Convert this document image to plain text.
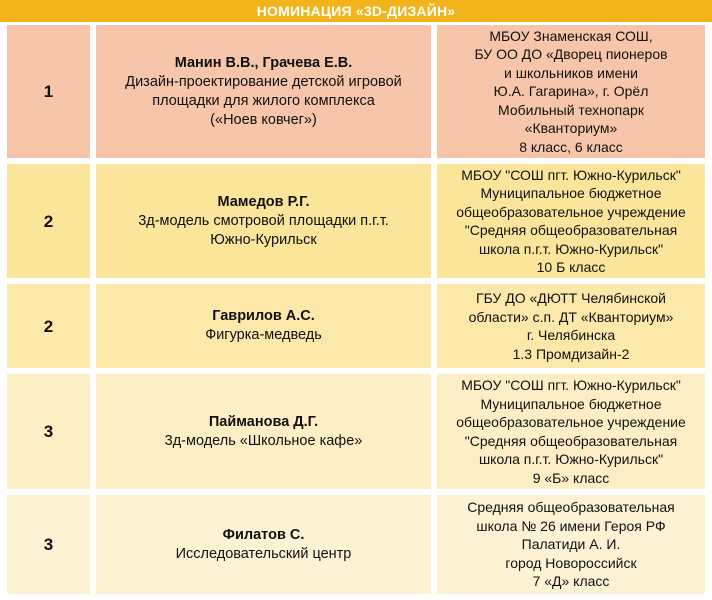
НОМИНАЦИЯ «3D-ДИЗАЙН»
1
Манин В.В., Грачева Е.В.
Дизайн-проектирование детской игровой
площадки для жилого комплекса
(«Ноев ковчег»)
МБОУ Знаменская СОШ,
БУ ОО ДО «Дворец пионеров
и школьников имени
Ю.А. Гагарина», г. Орёл
Мобильный технопарк
«Кванториум»
8 класс, 6 класс
2
Мамедов Р.Г.
3д-модель смотровой площадки п.г.т.
Южно-Курильск
МБОУ "СОШ пгт. Южно-Курильск"
Муниципальное бюджетное
общеобразовательное учреждение
"Средняя общеобразовательная
школа п.г.т. Южно-Курильск"
10 Б класс
2
Гаврилов А.С.
Фигурка-медведь
ГБУ ДО «ДЮТТ Челябинской
области» с.п. ДТ «Кванториум»
г. Челябинска
1.3 Промдизайн-2
3
Пайманова Д.Г.
3д-модель «Школьное кафе»
МБОУ "СОШ пгт. Южно-Курильск"
Муниципальное бюджетное
общеобразовательное учреждение
"Средняя общеобразовательная
школа п.г.т. Южно-Курильск"
9 «Б» класс
3
Филатов С.
Исследовательский центр
Средняя общеобразовательная
школа № 26 имени Героя РФ
Палатиди А. И.
город Новороссийск
7 «Д» класс
